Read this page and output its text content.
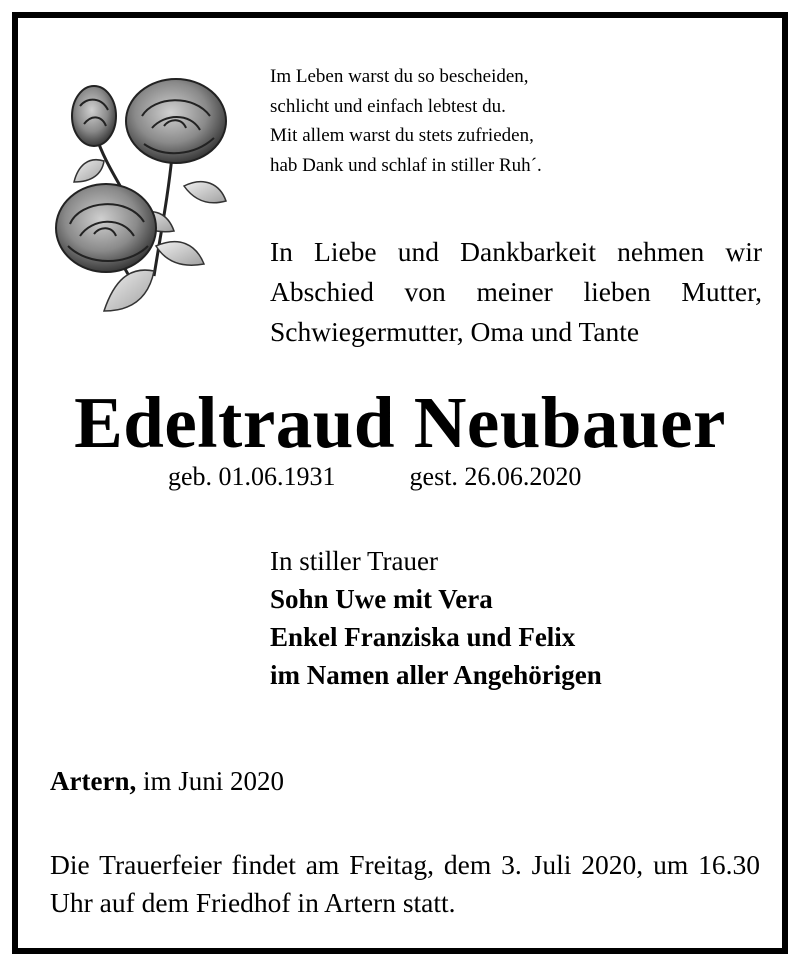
Im Leben warst du so bescheiden,
schlicht und einfach lebtest du.
Mit allem warst du stets zufrieden,
hab Dank und schlaf in stiller Ruh´.
In Liebe und Dankbarkeit nehmen wir Abschied von meiner lieben Mutter, Schwiegermutter, Oma und Tante
Edeltraud Neubauer
geb. 01.06.1931	gest. 26.06.2020
In stiller Trauer
Sohn Uwe mit Vera
Enkel Franziska und Felix
im Namen aller Angehörigen
Artern, im Juni 2020
Die Trauerfeier findet am Freitag, dem 3. Juli 2020, um 16.30 Uhr auf dem Friedhof in Artern statt.
